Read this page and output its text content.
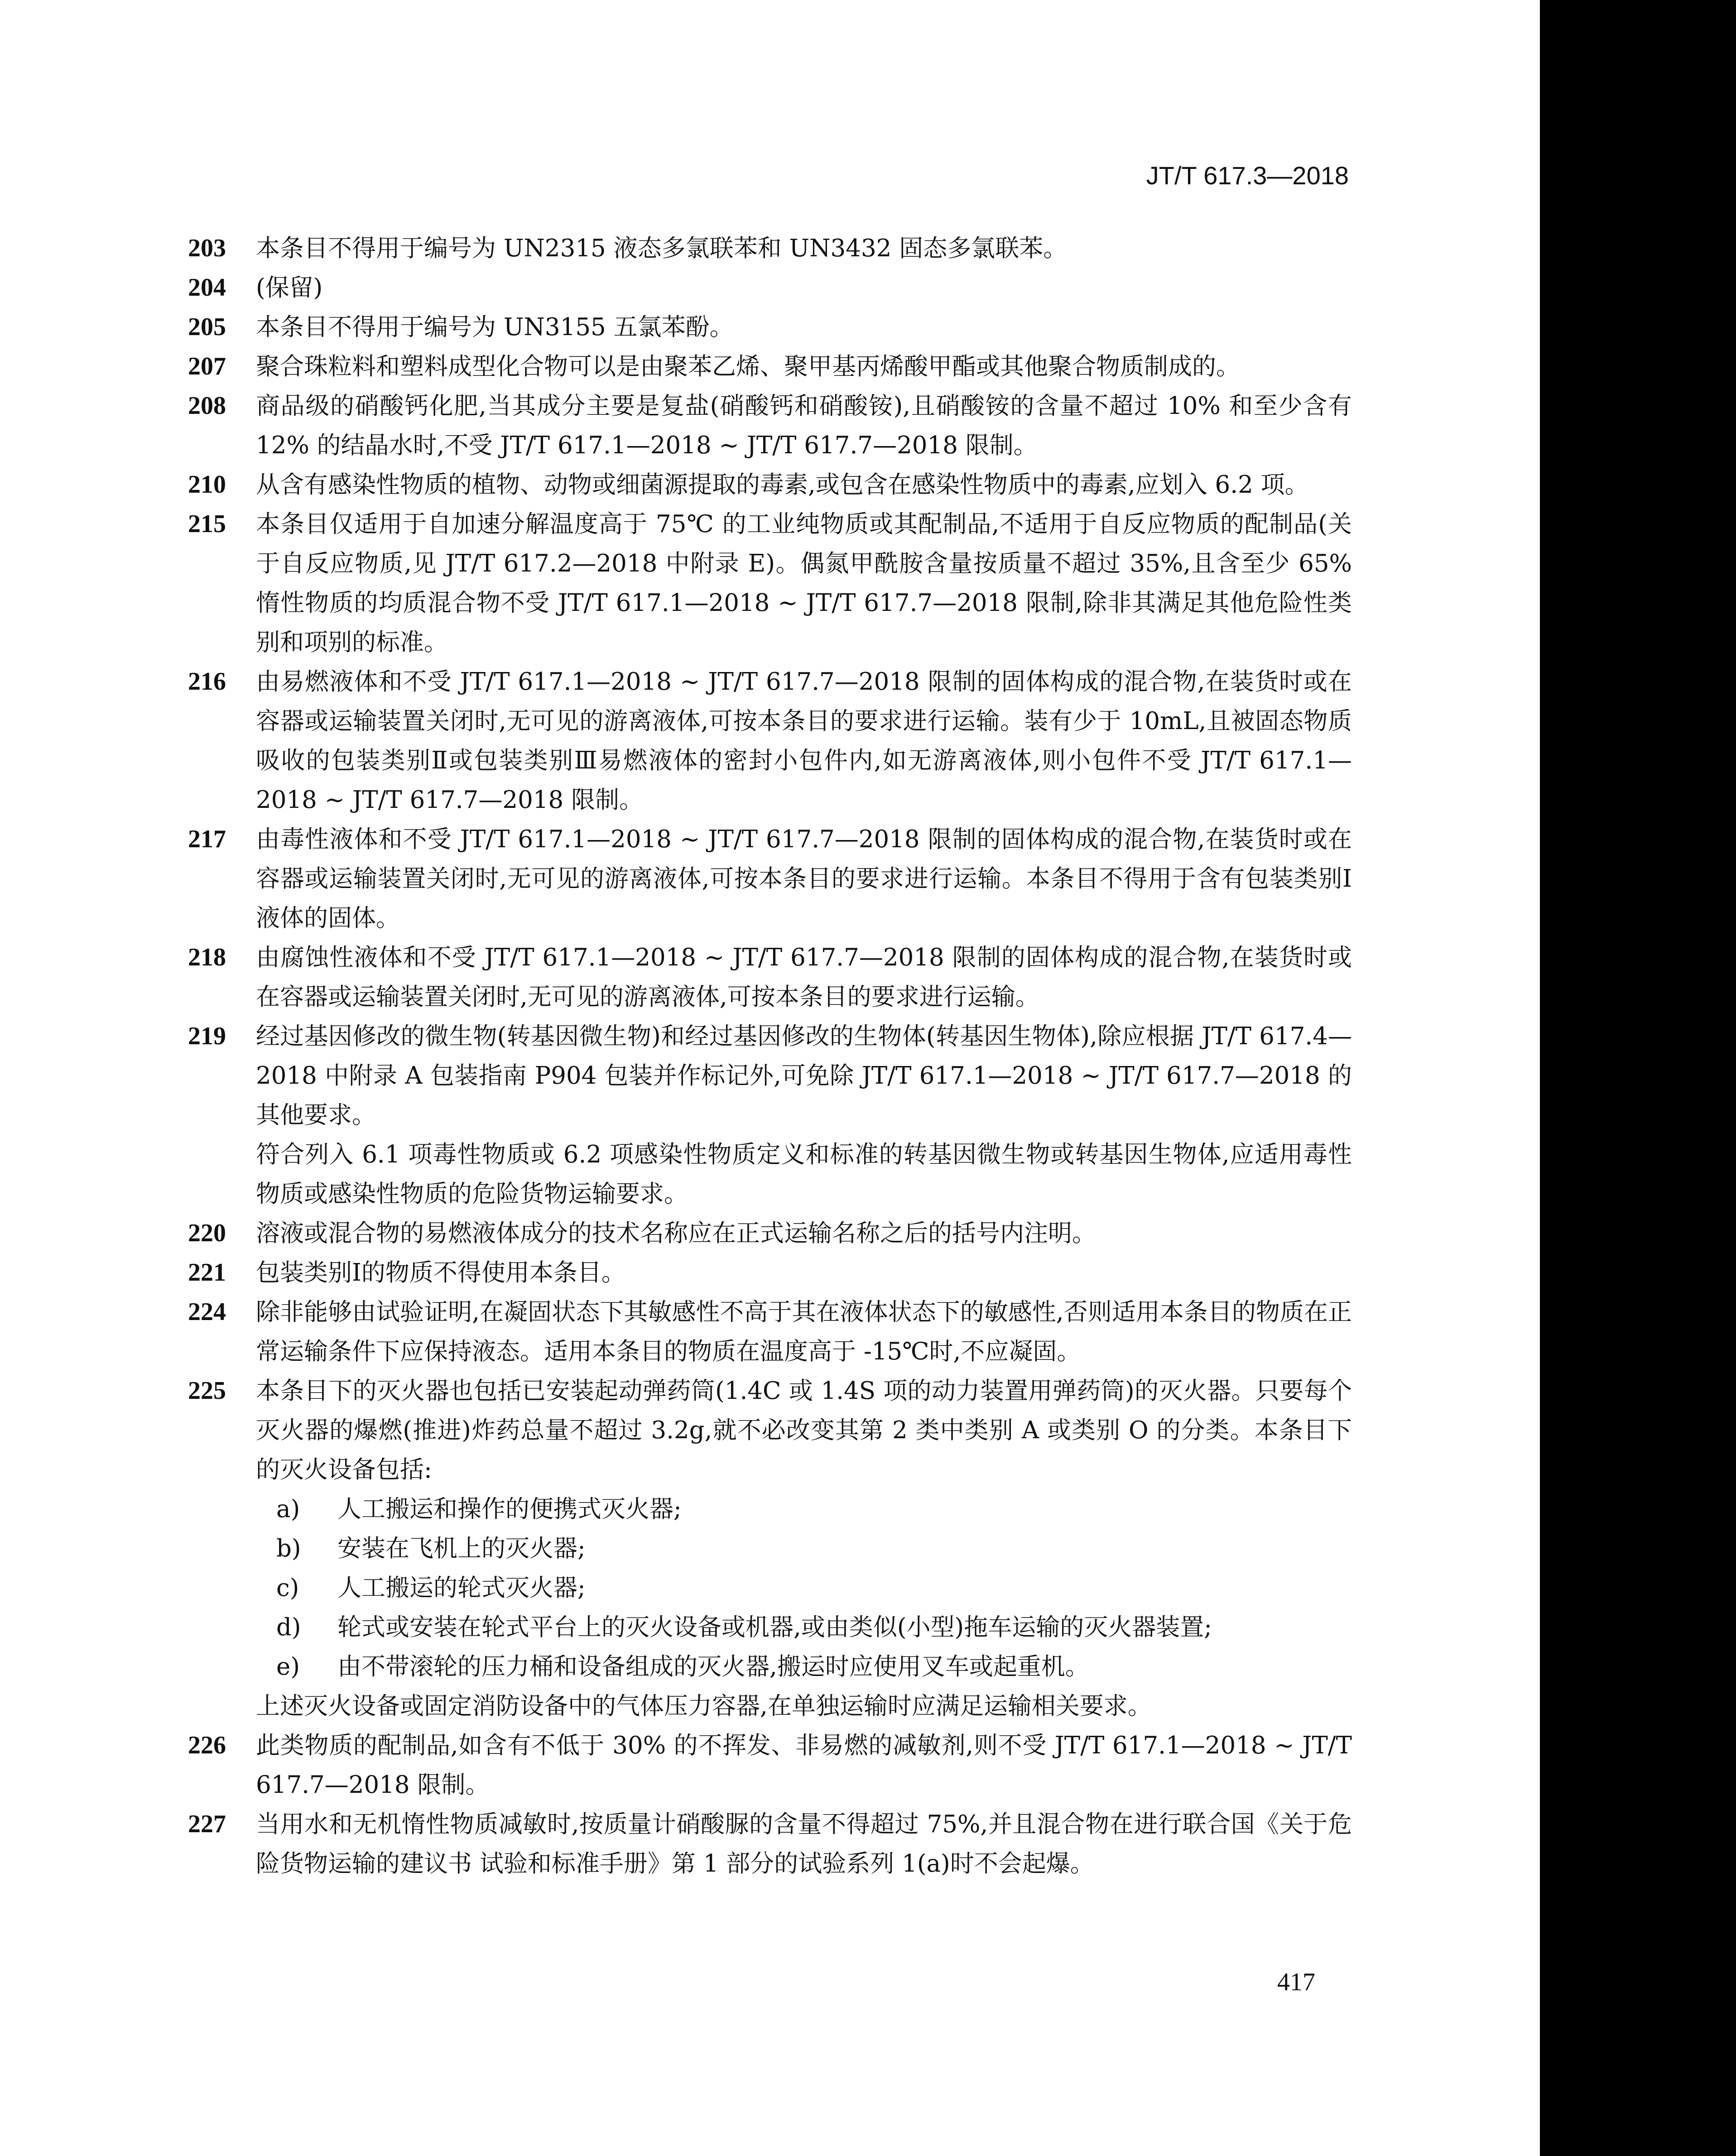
JT/T 617.3—2018
203 本条目不得用于编号为 UN2315 液态多氯联苯和 UN3432 固态多氯联苯。
204 (保留)
205 本条目不得用于编号为 UN3155 五氯苯酚。
207 聚合珠粒料和塑料成型化合物可以是由聚苯乙烯、聚甲基丙烯酸甲酯或其他聚合物质制成的。
208 商品级的硝酸钙化肥,当其成分主要是复盐(硝酸钙和硝酸铵),且硝酸铵的含量不超过 10% 和至少含有 12% 的结晶水时,不受 JT/T 617.1—2018 ~ JT/T 617.7—2018 限制。
210 从含有感染性物质的植物、动物或细菌源提取的毒素,或包含在感染性物质中的毒素,应划入 6.2 项。
215 本条目仅适用于自加速分解温度高于 75℃ 的工业纯物质或其配制品,不适用于自反应物质的配制品(关于自反应物质,见 JT/T 617.2—2018 中附录 E)。偶氮甲酰胺含量按质量不超过 35%,且含至少 65% 惰性物质的均质混合物不受 JT/T 617.1—2018 ~ JT/T 617.7—2018 限制,除非其满足其他危险性类别和项别的标准。
216 由易燃液体和不受 JT/T 617.1—2018 ~ JT/T 617.7—2018 限制的固体构成的混合物,在装货时或在容器或运输装置关闭时,无可见的游离液体,可按本条目的要求进行运输。装有少于 10mL,且被固态物质吸收的包装类别Ⅱ或包装类别Ⅲ易燃液体的密封小包件内,如无游离液体,则小包件不受 JT/T 617.1—2018 ~ JT/T 617.7—2018 限制。
217 由毒性液体和不受 JT/T 617.1—2018 ~ JT/T 617.7—2018 限制的固体构成的混合物,在装货时或在容器或运输装置关闭时,无可见的游离液体,可按本条目的要求进行运输。本条目不得用于含有包装类别Ⅰ液体的固体。
218 由腐蚀性液体和不受 JT/T 617.1—2018 ~ JT/T 617.7—2018 限制的固体构成的混合物,在装货时或在容器或运输装置关闭时,无可见的游离液体,可按本条目的要求进行运输。
219 经过基因修改的微生物(转基因微生物)和经过基因修改的生物体(转基因生物体),除应根据 JT/T 617.4—2018 中附录 A 包装指南 P904 包装并作标记外,可免除 JT/T 617.1—2018 ~ JT/T 617.7—2018 的其他要求。
符合列入 6.1 项毒性物质或 6.2 项感染性物质定义和标准的转基因微生物或转基因生物体,应适用毒性物质或感染性物质的危险货物运输要求。
220 溶液或混合物的易燃液体成分的技术名称应在正式运输名称之后的括号内注明。
221 包装类别Ⅰ的物质不得使用本条目。
224 除非能够由试验证明,在凝固状态下其敏感性不高于其在液体状态下的敏感性,否则适用本条目的物质在正常运输条件下应保持液态。适用本条目的物质在温度高于 -15℃时,不应凝固。
225 本条目下的灭火器也包括已安装起动弹药筒(1.4C 或 1.4S 项的动力装置用弹药筒)的灭火器。只要每个灭火器的爆燃(推进)炸药总量不超过 3.2g,就不必改变其第 2 类中类别 A 或类别 O 的分类。本条目下的灭火设备包括:
a) 人工搬运和操作的便携式灭火器;
b) 安装在飞机上的灭火器;
c) 人工搬运的轮式灭火器;
d) 轮式或安装在轮式平台上的灭火设备或机器,或由类似(小型)拖车运输的灭火器装置;
e) 由不带滚轮的压力桶和设备组成的灭火器,搬运时应使用叉车或起重机。
上述灭火设备或固定消防设备中的气体压力容器,在单独运输时应满足运输相关要求。
226 此类物质的配制品,如含有不低于 30% 的不挥发、非易燃的减敏剂,则不受 JT/T 617.1—2018 ~ JT/T 617.7—2018 限制。
227 当用水和无机惰性物质减敏时,按质量计硝酸脲的含量不得超过 75%,并且混合物在进行联合国《关于危险货物运输的建议书 试验和标准手册》第 1 部分的试验系列 1(a)时不会起爆。
417
